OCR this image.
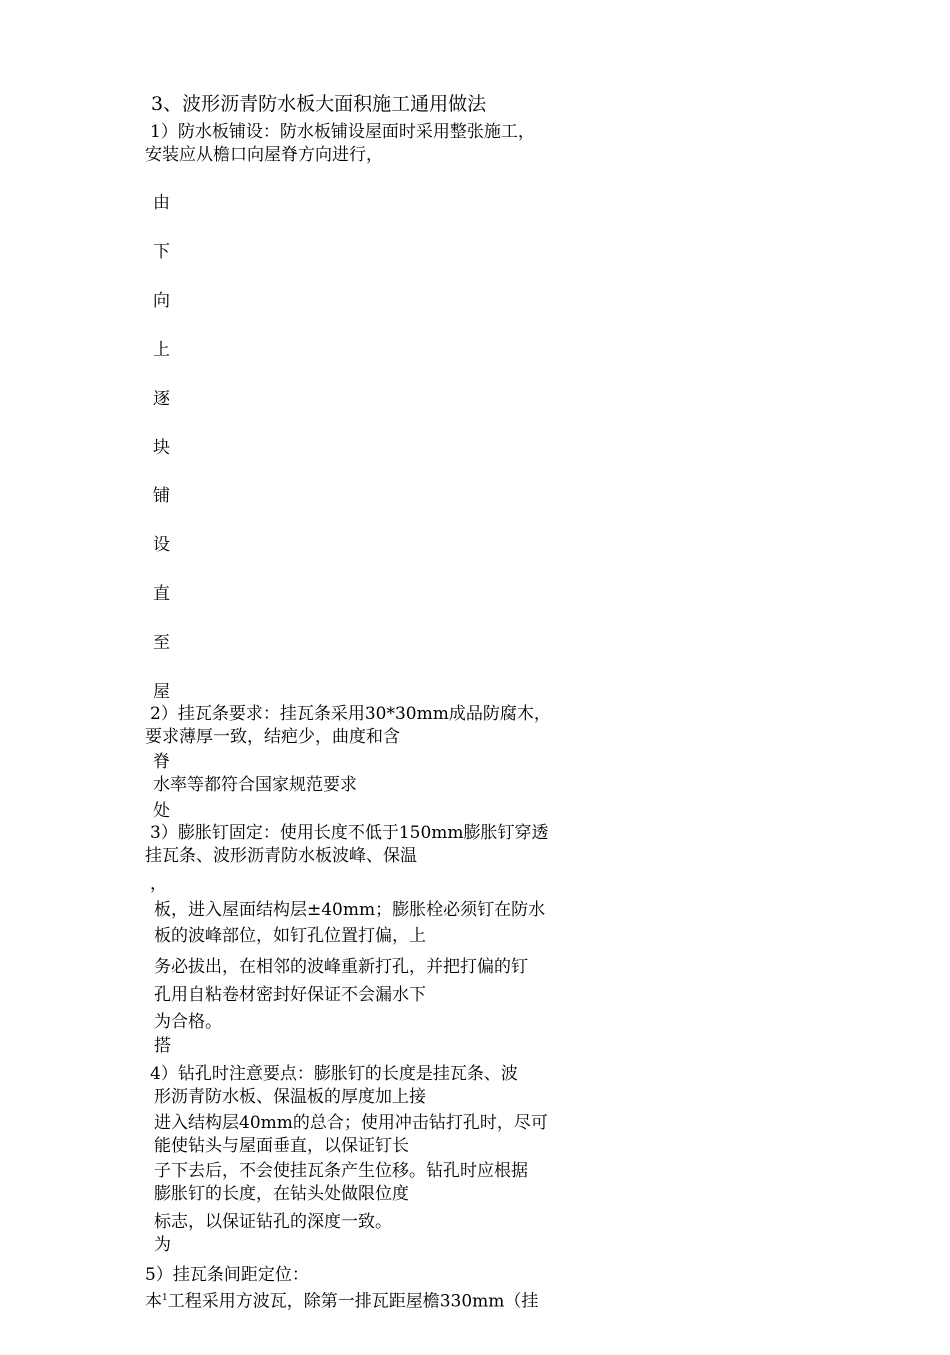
3、波形沥青防水板大面积施工通用做法
1）防水板铺设：防水板铺设屋面时采用整张施工，
安装应从檐口向屋脊方向进行，
由
下
向
上
逐
块
铺
设
直
至
屋
2）挂瓦条要求：挂瓦条采用30*30mm成品防腐木，
要求薄厚一致，结疤少，曲度和含
脊
水率等都符合国家规范要求
处
3）膨胀钉固定：使用长度不低于150mm膨胀钉穿透
挂瓦条、波形沥青防水板波峰、保温
，
板，进入屋面结构层±40mm；膨胀栓必须钉在防水
板的波峰部位，如钉孔位置打偏，上
务必拔出，在相邻的波峰重新打孔，并把打偏的钉
孔用自粘卷材密封好保证不会漏水下
为合格。
搭
4）钻孔时注意要点：膨胀钉的长度是挂瓦条、波
形沥青防水板、保温板的厚度加上接
进入结构层40mm的总合；使用冲击钻打孔时，尽可
能使钻头与屋面垂直，以保证钉长
子下去后，不会使挂瓦条产生位移。钻孔时应根据
膨胀钉的长度，在钻头处做限位度
标志，以保证钻孔的深度一致。
为
5）挂瓦条间距定位：
本$^1$工程采用方波瓦，除第一排瓦距屋檐330mm（挂
